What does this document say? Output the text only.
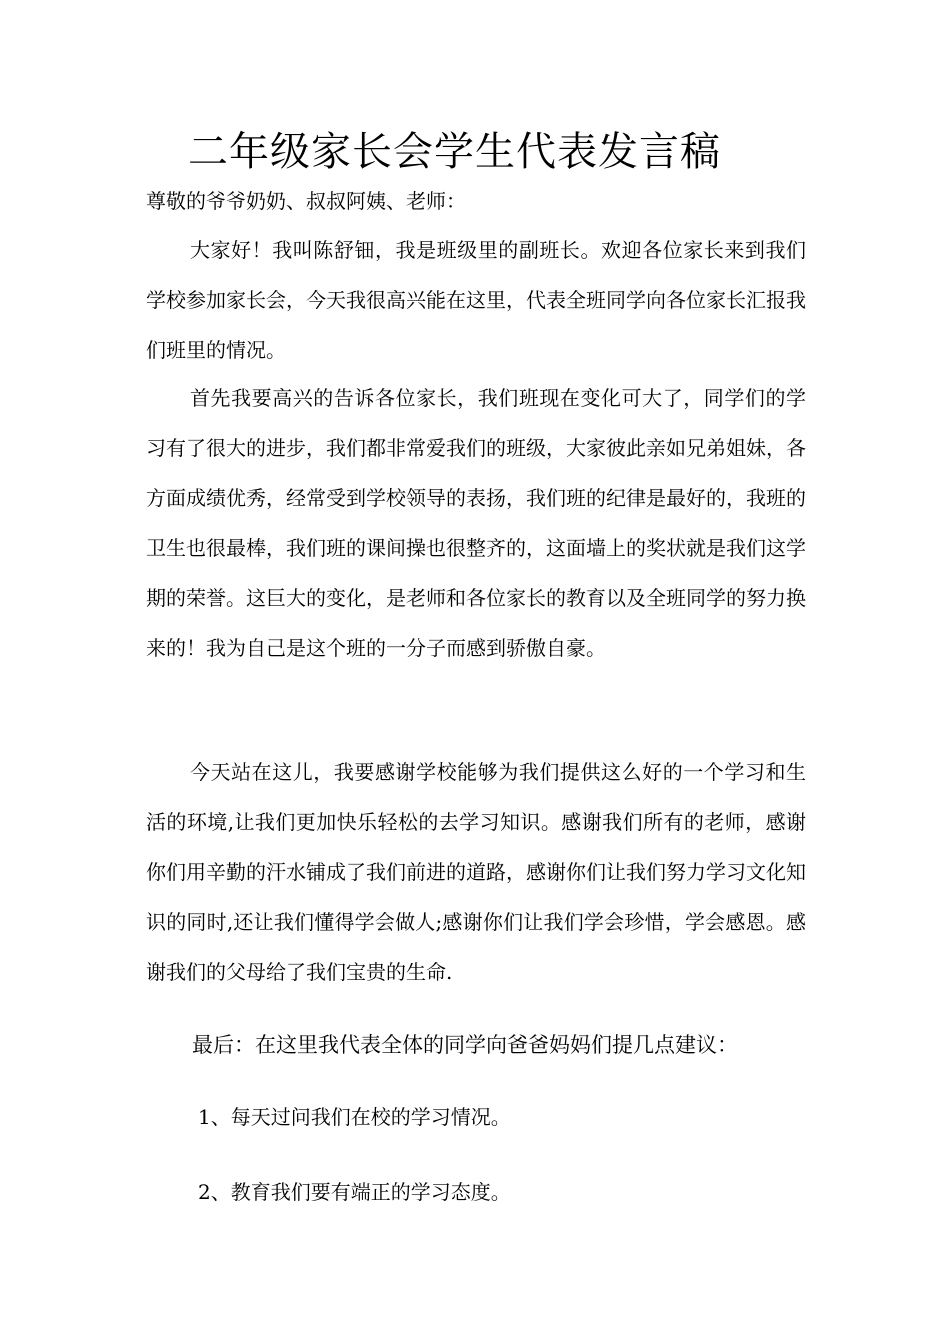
二年级家长会学生代表发言稿
尊敬的爷爷奶奶、叔叔阿姨、老师：

大家好！我叫陈舒钿，我是班级里的副班长。欢迎各位家长来到我们学校参加家长会，今天我很高兴能在这里，代表全班同学向各位家长汇报我们班里的情况。

首先我要高兴的告诉各位家长，我们班现在变化可大了，同学们的学习有了很大的进步，我们都非常爱我们的班级，大家彼此亲如兄弟姐妹，各方面成绩优秀，经常受到学校领导的表扬，我们班的纪律是最好的，我班的卫生也很最棒，我们班的课间操也很整齐的，这面墙上的奖状就是我们这学期的荣誉。这巨大的变化，是老师和各位家长的教育以及全班同学的努力换来的！我为自己是这个班的一分子而感到骄傲自豪。

今天站在这儿，我要感谢学校能够为我们提供这么好的一个学习和生活的环境,让我们更加快乐轻松的去学习知识。感谢我们所有的老师，感谢你们用辛勤的汗水铺成了我们前进的道路，感谢你们让我们努力学习文化知识的同时,还让我们懂得学会做人;感谢你们让我们学会珍惜，学会感恩。感谢我们的父母给了我们宝贵的生命.

最后：在这里我代表全体的同学向爸爸妈妈们提几点建议：
1、每天过问我们在校的学习情况。
2、教育我们要有端正的学习态度。
